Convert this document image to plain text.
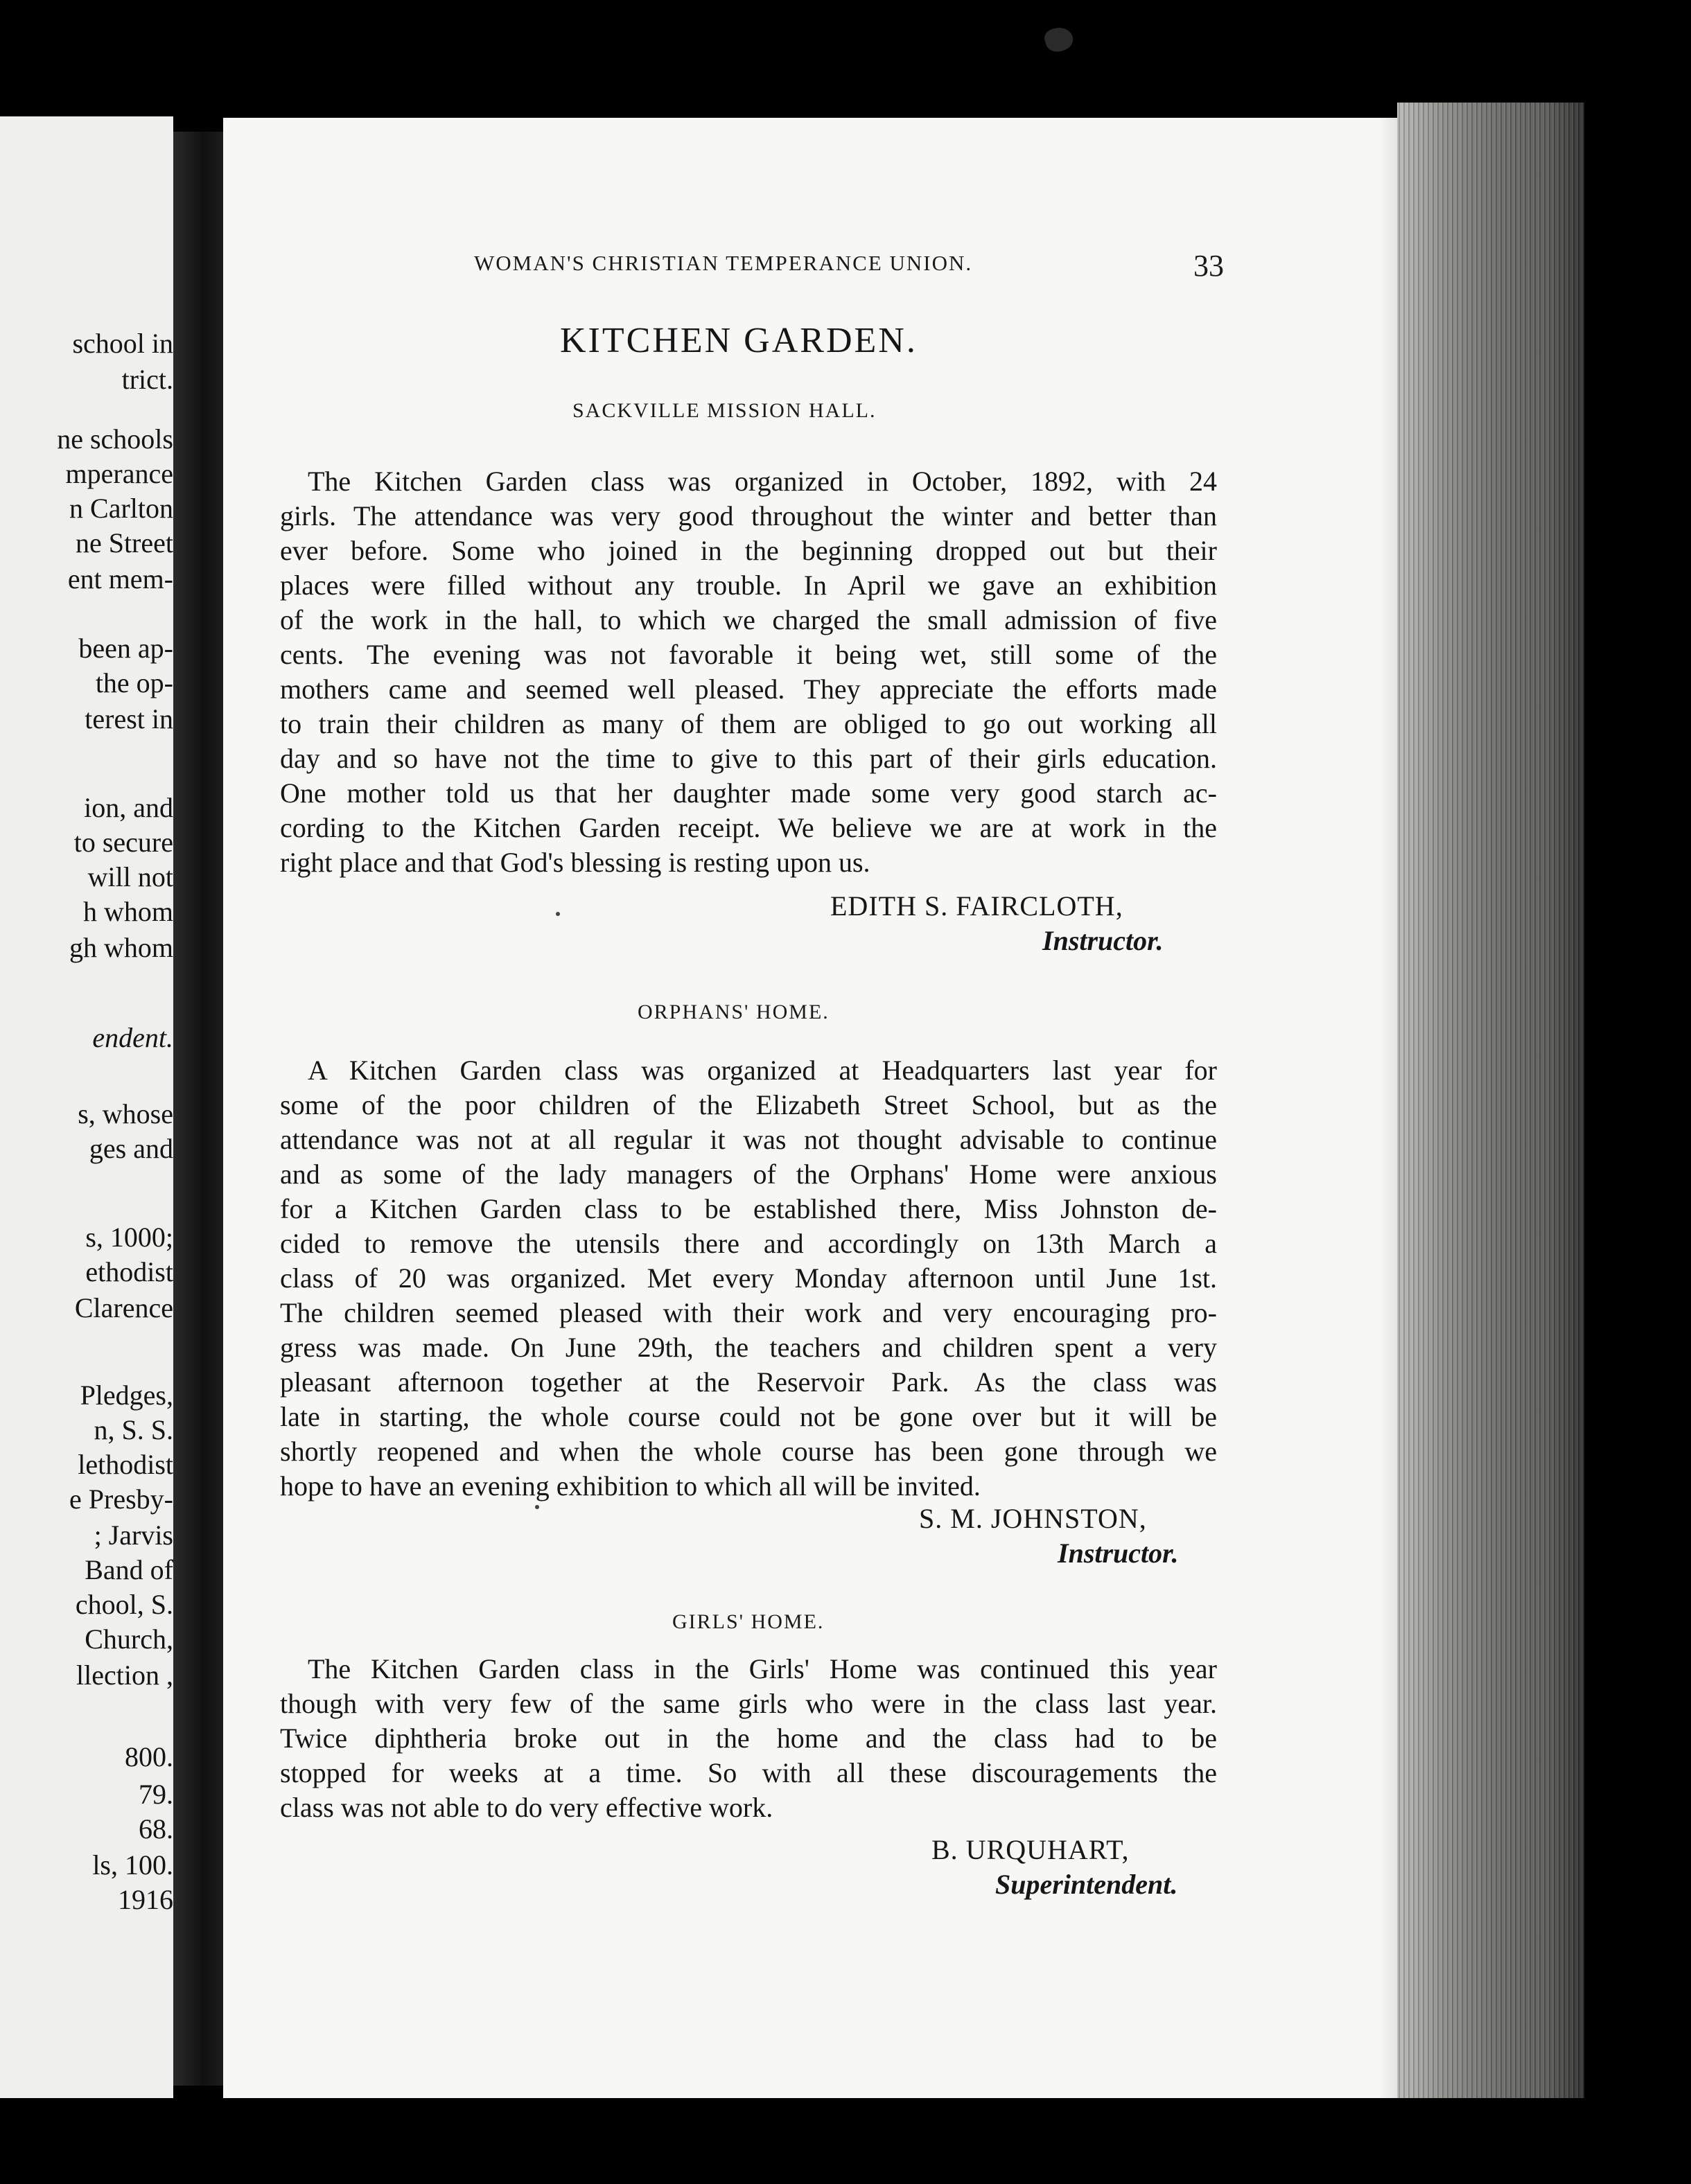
school in
trict.
ne schools
mperance
n Carlton
ne Street
ent mem-
been ap-
the op-
terest in
ion, and
to secure
will not
h whom
gh whom
endent.
s, whose
ges and
s, 1000;
ethodist
Clarence
Pledges,
n, S. S.
lethodist
e Presby-
; Jarvis
Band of
chool, S.
Church,
llection ,
800.
79.
68.
ls, 100.
1916
WOMAN'S CHRISTIAN TEMPERANCE UNION.	33
KITCHEN GARDEN.
SACKVILLE MISSION HALL.
The Kitchen Garden class was organized in October, 1892, with 24
girls. The attendance was very good throughout the winter and better than
ever before. Some who joined in the beginning dropped out but their
places were filled without any trouble. In April we gave an exhibition
of the work in the hall, to which we charged the small admission of five
cents. The evening was not favorable it being wet, still some of the
mothers came and seemed well pleased. They appreciate the efforts made
to train their children as many of them are obliged to go out working all
day and so have not the time to give to this part of their girls education.
One mother told us that her daughter made some very good starch ac-
cording to the Kitchen Garden receipt. We believe we are at work in the
right place and that God's blessing is resting upon us.
EDITH S. FAIRCLOTH,
Instructor.
ORPHANS' HOME.
A Kitchen Garden class was organized at Headquarters last year for
some of the poor children of the Elizabeth Street School, but as the
attendance was not at all regular it was not thought advisable to continue
and as some of the lady managers of the Orphans' Home were anxious
for a Kitchen Garden class to be established there, Miss Johnston de-
cided to remove the utensils there and accordingly on 13th March a
class of 20 was organized. Met every Monday afternoon until June 1st.
The children seemed pleased with their work and very encouraging pro-
gress was made. On June 29th, the teachers and children spent a very
pleasant afternoon together at the Reservoir Park. As the class was
late in starting, the whole course could not be gone over but it will be
shortly reopened and when the whole course has been gone through we
hope to have an evening exhibition to which all will be invited.
S. M. JOHNSTON,
Instructor.
GIRLS' HOME.
The Kitchen Garden class in the Girls' Home was continued this year
though with very few of the same girls who were in the class last year.
Twice diphtheria broke out in the home and the class had to be
stopped for weeks at a time. So with all these discouragements the
class was not able to do very effective work.
B. URQUHART,
Superintendent.
